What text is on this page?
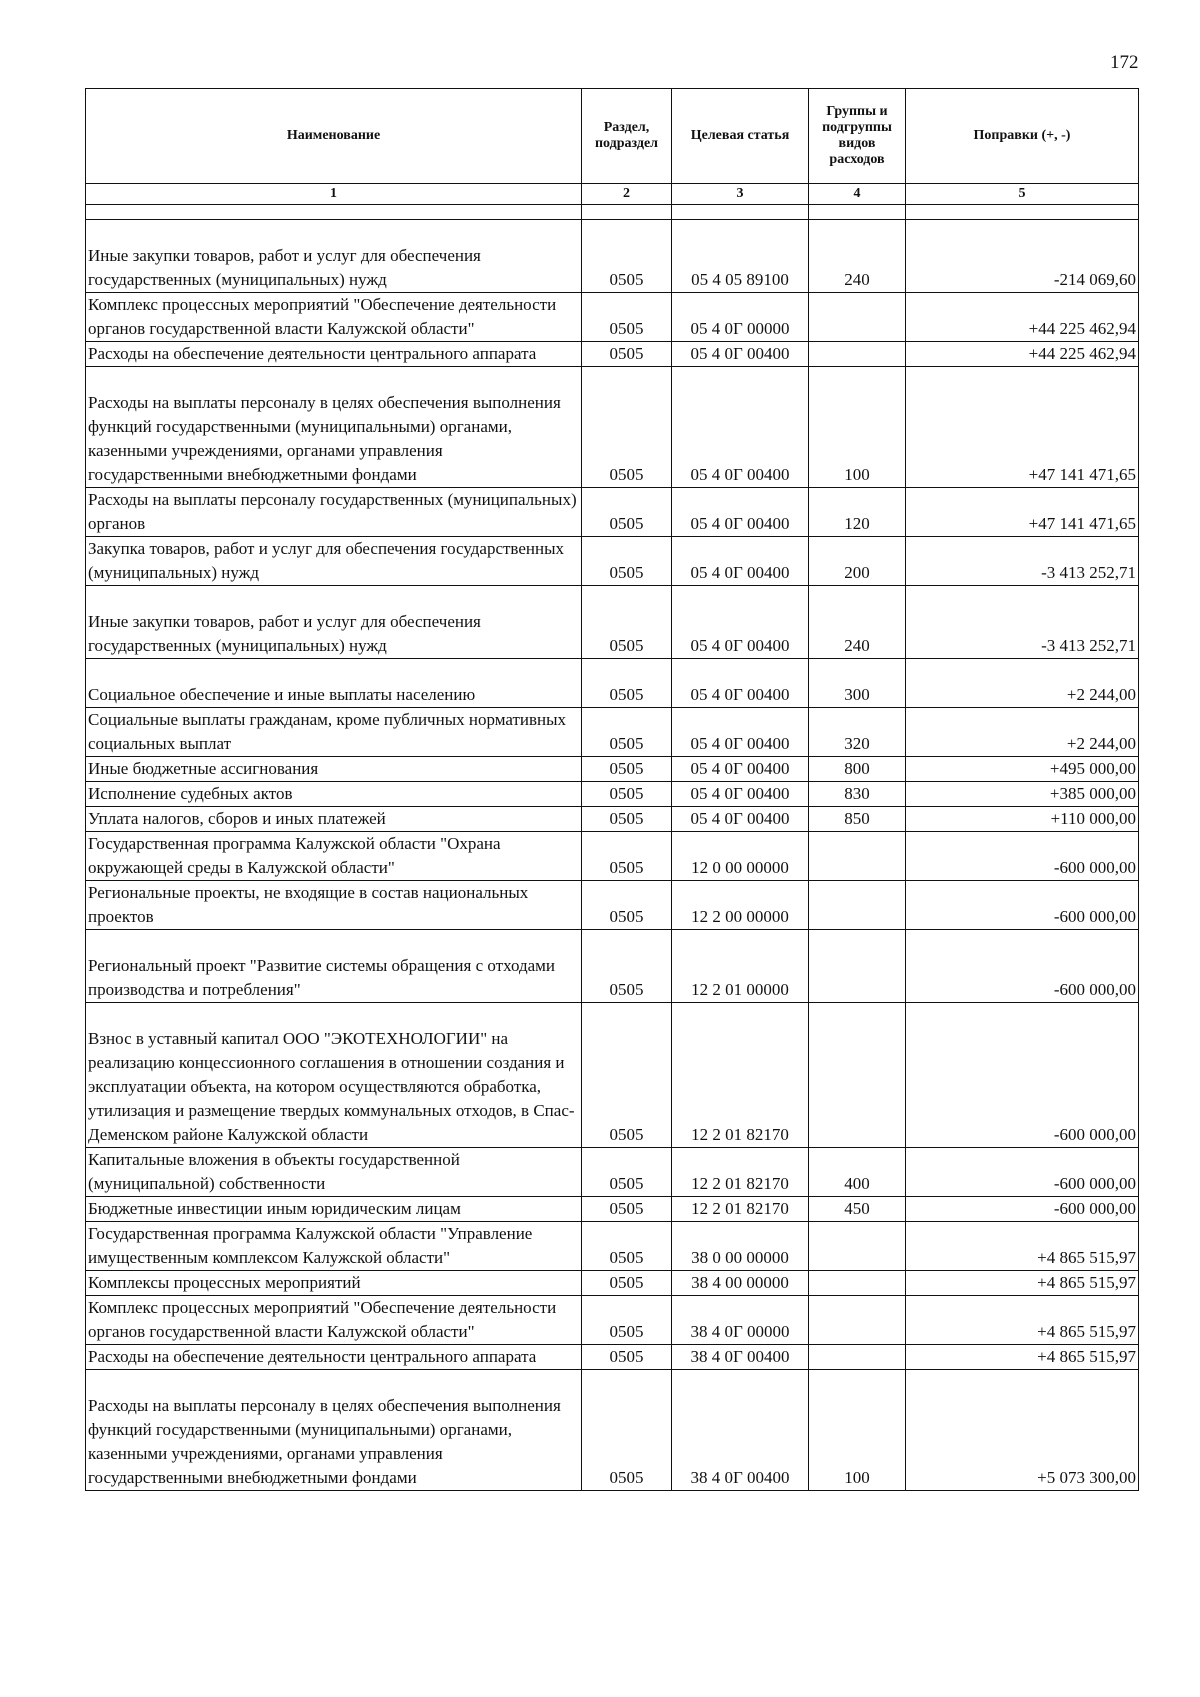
172
Наименование	Раздел, подраздел	Целевая статья	Группы и подгруппы видов расходов	Поправки (+, -)
1	2	3	4	5

Иные закупки товаров, работ и услуг для обеспечения государственных (муниципальных) нужд	0505	05 4 05 89100	240	-214 069,60
Комплекс процессных мероприятий "Обеспечение деятельности органов государственной власти Калужской области"	0505	05 4 0Г 00000		+44 225 462,94
Расходы на обеспечение деятельности центрального аппарата	0505	05 4 0Г 00400		+44 225 462,94
Расходы на выплаты персоналу в целях обеспечения выполнения функций государственными (муниципальными) органами, казенными учреждениями, органами управления государственными внебюджетными фондами	0505	05 4 0Г 00400	100	+47 141 471,65
Расходы на выплаты персоналу государственных (муниципальных) органов	0505	05 4 0Г 00400	120	+47 141 471,65
Закупка товаров, работ и услуг для обеспечения государственных (муниципальных) нужд	0505	05 4 0Г 00400	200	-3 413 252,71
Иные закупки товаров, работ и услуг для обеспечения государственных (муниципальных) нужд	0505	05 4 0Г 00400	240	-3 413 252,71
Социальное обеспечение и иные выплаты населению	0505	05 4 0Г 00400	300	+2 244,00
Социальные выплаты гражданам, кроме публичных нормативных социальных выплат	0505	05 4 0Г 00400	320	+2 244,00
Иные бюджетные ассигнования	0505	05 4 0Г 00400	800	+495 000,00
Исполнение судебных актов	0505	05 4 0Г 00400	830	+385 000,00
Уплата налогов, сборов и иных платежей	0505	05 4 0Г 00400	850	+110 000,00
Государственная программа Калужской области "Охрана окружающей среды в Калужской области"	0505	12 0 00 00000		-600 000,00
Региональные проекты, не входящие в состав национальных проектов	0505	12 2 00 00000		-600 000,00
Региональный проект "Развитие системы обращения с отходами производства и потребления"	0505	12 2 01 00000		-600 000,00
Взнос в уставный капитал ООО "ЭКОТЕХНОЛОГИИ" на реализацию концессионного соглашения в отношении создания и эксплуатации объекта, на котором осуществляются обработка, утилизация и размещение твердых коммунальных отходов, в Спас-Деменском районе Калужской области	0505	12 2 01 82170		-600 000,00
Капитальные вложения в объекты государственной (муниципальной) собственности	0505	12 2 01 82170	400	-600 000,00
Бюджетные инвестиции иным юридическим лицам	0505	12 2 01 82170	450	-600 000,00
Государственная программа Калужской области "Управление имущественным комплексом Калужской области"	0505	38 0 00 00000		+4 865 515,97
Комплексы процессных мероприятий	0505	38 4 00 00000		+4 865 515,97
Комплекс процессных мероприятий "Обеспечение деятельности органов государственной власти Калужской области"	0505	38 4 0Г 00000		+4 865 515,97
Расходы на обеспечение деятельности центрального аппарата	0505	38 4 0Г 00400		+4 865 515,97
Расходы на выплаты персоналу в целях обеспечения выполнения функций государственными (муниципальными) органами, казенными учреждениями, органами управления государственными внебюджетными фондами	0505	38 4 0Г 00400	100	+5 073 300,00
